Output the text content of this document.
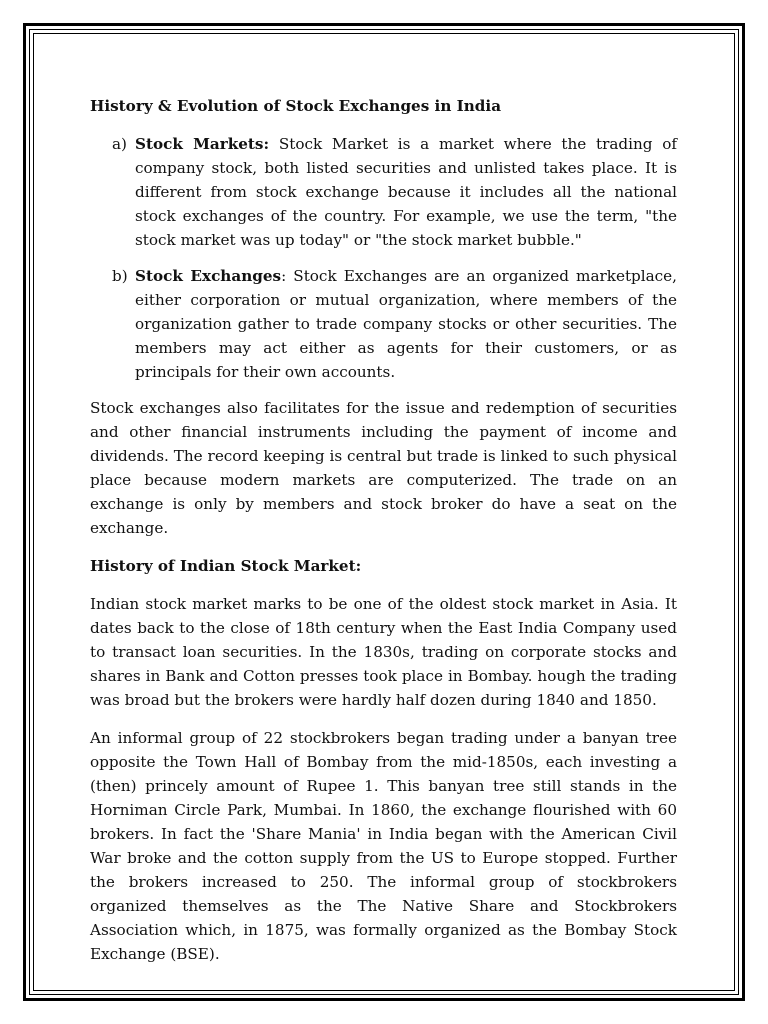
History & Evolution of Stock Exchanges in India
a) Stock Markets: Stock Market is a market where the trading of company stock, both listed securities and unlisted takes place. It is different from stock exchange because it includes all the national stock exchanges of the country. For example, we use the term, "the stock market was up today" or "the stock market bubble."
b) Stock Exchanges: Stock Exchanges are an organized marketplace, either corporation or mutual organization, where members of the organization gather to trade company stocks or other securities. The members may act either as agents for their customers, or as principals for their own accounts.

Stock exchanges also facilitates for the issue and redemption of securities and other financial instruments including the payment of income and dividends. The record keeping is central but trade is linked to such physical place because modern markets are computerized. The trade on an exchange is only by members and stock broker do have a seat on the exchange.

History of Indian Stock Market:

Indian stock market marks to be one of the oldest stock market in Asia. It dates back to the close of 18th century when the East India Company used to transact loan securities. In the 1830s, trading on corporate stocks and shares in Bank and Cotton presses took place in Bombay. hough the trading was broad but the brokers were hardly half dozen during 1840 and 1850.

An informal group of 22 stockbrokers began trading under a banyan tree opposite the Town Hall of Bombay from the mid-1850s, each investing a (then) princely amount of Rupee 1. This banyan tree still stands in the Horniman Circle Park, Mumbai. In 1860, the exchange flourished with 60 brokers. In fact the 'Share Mania' in India began with the American Civil War broke and the cotton supply from the US to Europe stopped. Further the brokers increased to 250. The informal group of stockbrokers organized themselves as the The Native Share and Stockbrokers Association which, in 1875, was formally organized as the Bombay Stock Exchange (BSE).
